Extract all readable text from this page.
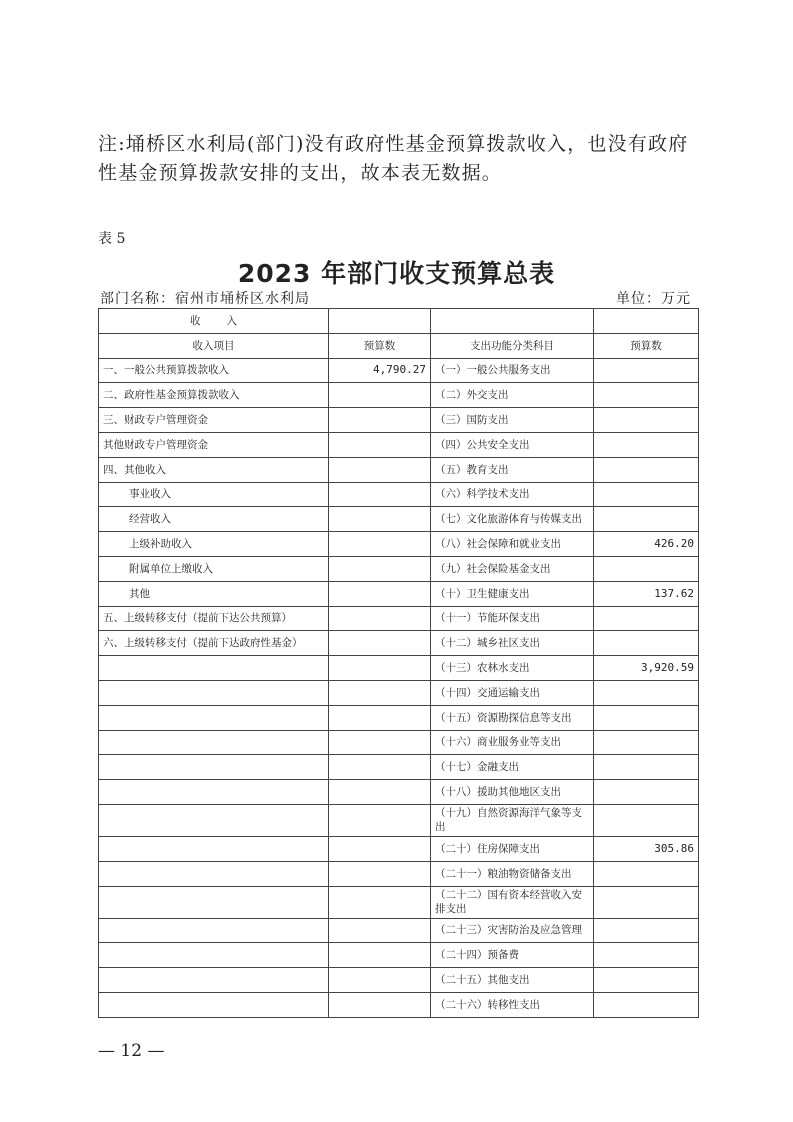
注:埇桥区水利局(部门)没有政府性基金预算拨款收入，也没有政府性基金预算拨款安排的支出，故本表无数据。
表 5
2023 年部门收支预算总表
部门名称：宿州市埇桥区水利局	单位：万元
收入			
收入项目	预算数	支出功能分类科目	预算数
一、一般公共预算拨款收入	4,790.27	（一）一般公共服务支出	
二、政府性基金预算拨款收入		（二）外交支出	
三、财政专户管理资金		（三）国防支出	
其他财政专户管理资金		（四）公共安全支出	
四、其他收入		（五）教育支出	
事业收入		（六）科学技术支出	
经营收入		（七）文化旅游体育与传媒支出	
上级补助收入		（八）社会保障和就业支出	426.20
附属单位上缴收入		（九）社会保险基金支出	
其他		（十）卫生健康支出	137.62
五、上级转移支付（提前下达公共预算）		（十一）节能环保支出	
六、上级转移支付（提前下达政府性基金）		（十二）城乡社区支出	
		（十三）农林水支出	3,920.59
		（十四）交通运输支出	
		（十五）资源勘探信息等支出	
		（十六）商业服务业等支出	
		（十七）金融支出	
		（十八）援助其他地区支出	
		（十九）自然资源海洋气象等支出	
		（二十）住房保障支出	305.86
		（二十一）粮油物资储备支出	
		（二十二）国有资本经营收入安排支出	
		（二十三）灾害防治及应急管理	
		（二十四）预备费	
		（二十五）其他支出	
		（二十六）转移性支出	
— 12 —
